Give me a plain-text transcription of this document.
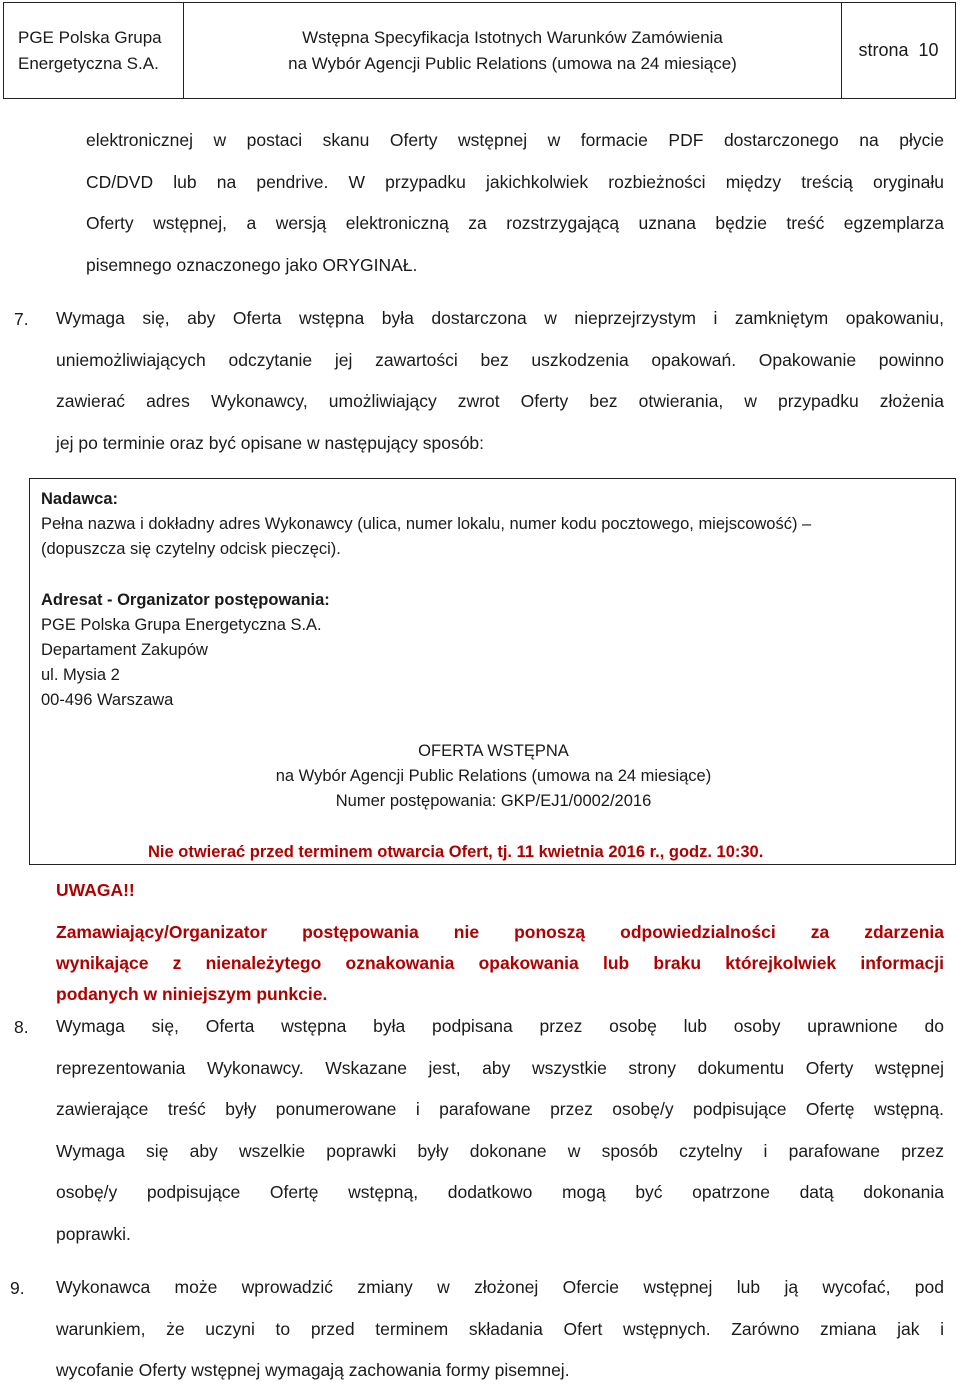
PGE Polska Grupa
Energetyczna S.A.
Wstępna Specyfikacja Istotnych Warunków Zamówienia
na Wybór Agencji Public Relations (umowa na 24 miesiące)
strona  10

elektronicznej w postaci skanu Oferty wstępnej w formacie PDF dostarczonego na płycie
CD/DVD lub na pendrive. W przypadku jakichkolwiek rozbieżności między treścią oryginału
Oferty wstępnej, a wersją elektroniczną za rozstrzygającą uznana będzie treść egzemplarza
pisemnego oznaczonego jako ORYGINAŁ.

7. Wymaga się, aby Oferta wstępna była dostarczona w nieprzejrzystym i zamkniętym opakowaniu,
uniemożliwiających odczytanie jej zawartości bez uszkodzenia opakowań. Opakowanie powinno
zawierać adres Wykonawcy, umożliwiający zwrot Oferty bez otwierania, w przypadku złożenia
jej po terminie oraz być opisane w następujący sposób:

Nadawca:
Pełna nazwa i dokładny adres Wykonawcy (ulica, numer lokalu, numer kodu pocztowego, miejscowość) –
(dopuszcza się czytelny odcisk pieczęci).
Adresat - Organizator postępowania:
PGE Polska Grupa Energetyczna S.A.
Departament Zakupów
ul. Mysia 2
00-496 Warszawa
OFERTA WSTĘPNA
na Wybór Agencji Public Relations (umowa na 24 miesiące)
Numer postępowania: GKP/EJ1/0002/2016
Nie otwierać przed terminem otwarcia Ofert, tj. 11 kwietnia 2016 r., godz. 10:30.
UWAGA!!

Zamawiający/Organizator postępowania nie ponoszą odpowiedzialności za zdarzenia
wynikające z nienależytego oznakowania opakowania lub braku którejkolwiek informacji
podanych w niniejszym punkcie.

8. Wymaga się, Oferta wstępna była podpisana przez osobę lub osoby uprawnione do
reprezentowania Wykonawcy. Wskazane jest, aby wszystkie strony dokumentu Oferty wstępnej
zawierające treść były ponumerowane i parafowane przez osobę/y podpisujące Ofertę wstępną.
Wymaga się aby wszelkie poprawki były dokonane w sposób czytelny i parafowane przez
osobę/y podpisujące Ofertę wstępną, dodatkowo mogą być opatrzone datą dokonania
poprawki.

9. Wykonawca może wprowadzić zmiany w złożonej Ofercie wstępnej lub ją wycofać, pod
warunkiem, że uczyni to przed terminem składania Ofert wstępnych. Zarówno zmiana jak i
wycofanie Oferty wstępnej wymagają zachowania formy pisemnej.
